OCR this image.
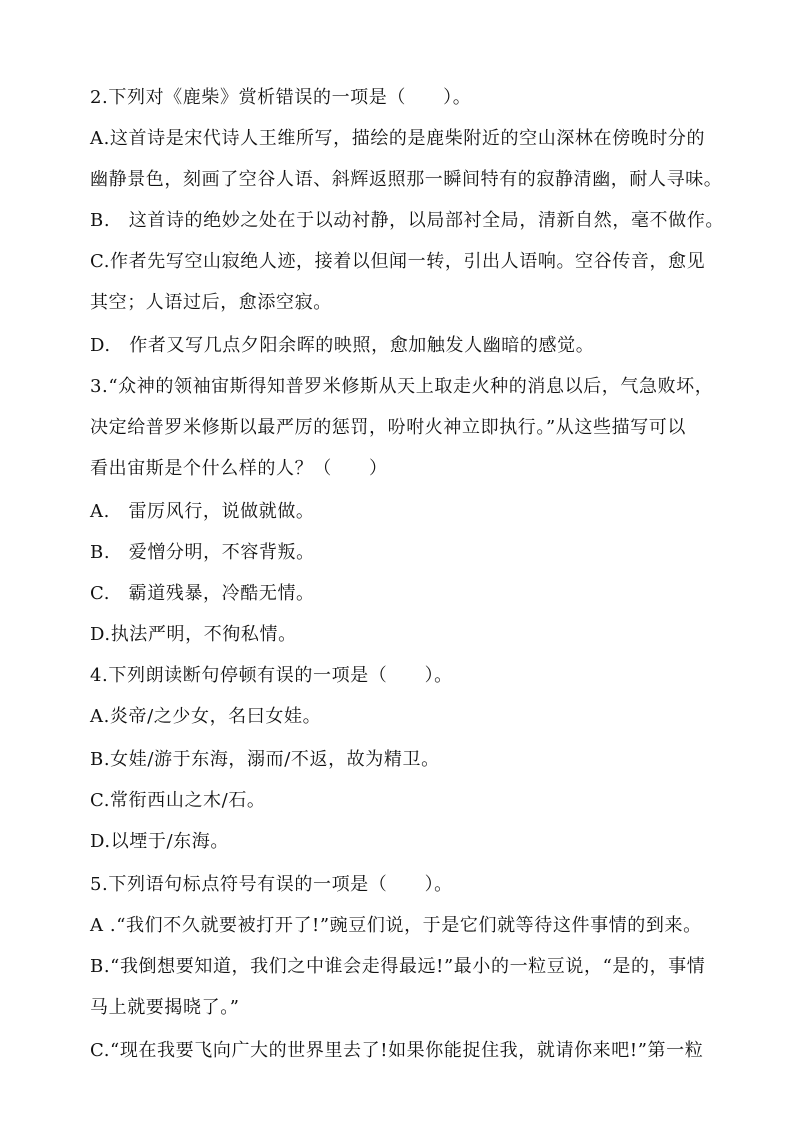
2.下列对《鹿柴》赏析错误的一项是（　　）。
A.这首诗是宋代诗人王维所写，描绘的是鹿柴附近的空山深林在傍晚时分的
幽静景色，刻画了空谷人语、斜辉返照那一瞬间特有的寂静清幽，耐人寻味。
B.　这首诗的绝妙之处在于以动衬静，以局部衬全局，清新自然，毫不做作。
C.作者先写空山寂绝人迹，接着以但闻一转，引出人语响。空谷传音，愈见
其空；人语过后，愈添空寂。
D.　作者又写几点夕阳余晖的映照，愈加触发人幽暗的感觉。
3.“众神的领袖宙斯得知普罗米修斯从天上取走火种的消息以后，气急败坏，
决定给普罗米修斯以最严厉的惩罚，吩咐火神立即执行。”从这些描写可以
看出宙斯是个什么样的人？（　　）
A.　雷厉风行，说做就做。
B.　爱憎分明，不容背叛。
C.　霸道残暴，冷酷无情。
D.执法严明，不徇私情。
4.下列朗读断句停顿有误的一项是（　　）。
A.炎帝/之少女，名曰女娃。
B.女娃/游于东海，溺而/不返，故为精卫。
C.常衔西山之木/石。
D.以堙于/东海。
5.下列语句标点符号有误的一项是（　　）。
A .“我们不久就要被打开了!”豌豆们说，于是它们就等待这件事情的到来。
B.“我倒想要知道，我们之中谁会走得最远!”最小的一粒豆说，“是的，事情
马上就要揭晓了。”
C.“现在我要飞向广大的世界里去了!如果你能捉住我，就请你来吧!”第一粒
